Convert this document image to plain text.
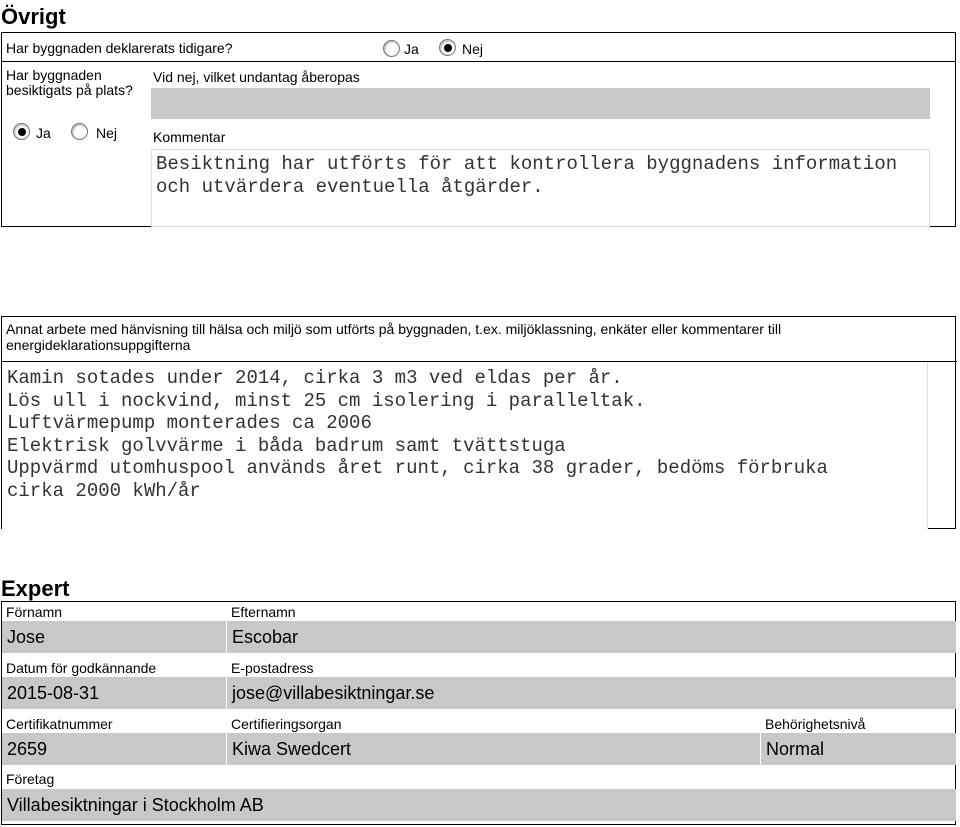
Övrigt
Har byggnaden deklarerats tidigare?	Ja	Nej
Har byggnaden
besiktigats på plats?
Vid nej, vilket undantag åberopas
Ja	Nej	Kommentar
Besiktning har utförts för att kontrollera byggnadens information
och utvärdera eventuella åtgärder.
Annat arbete med hänvisning till hälsa och miljö som utförts på byggnaden, t.ex. miljöklassning, enkäter eller kommentarer till
energideklarationsuppgifterna
Kamin sotades under 2014, cirka 3 m3 ved eldas per år.
Lös ull i nockvind, minst 25 cm isolering i paralleltak.
Luftvärmepump monterades ca 2006
Elektrisk golvvärme i båda badrum samt tvättstuga
Uppvärmd utomhuspool används året runt, cirka 38 grader, bedöms förbruka
cirka 2000 kWh/år
Expert
Förnamn	Efternamn
Jose	Escobar
Datum för godkännande	E-postadress
2015-08-31	jose@villabesiktningar.se
Certifikatnummer	Certifieringsorgan	Behörighetsnivå
2659	Kiwa Swedcert	Normal
Företag
Villabesiktningar i Stockholm AB
